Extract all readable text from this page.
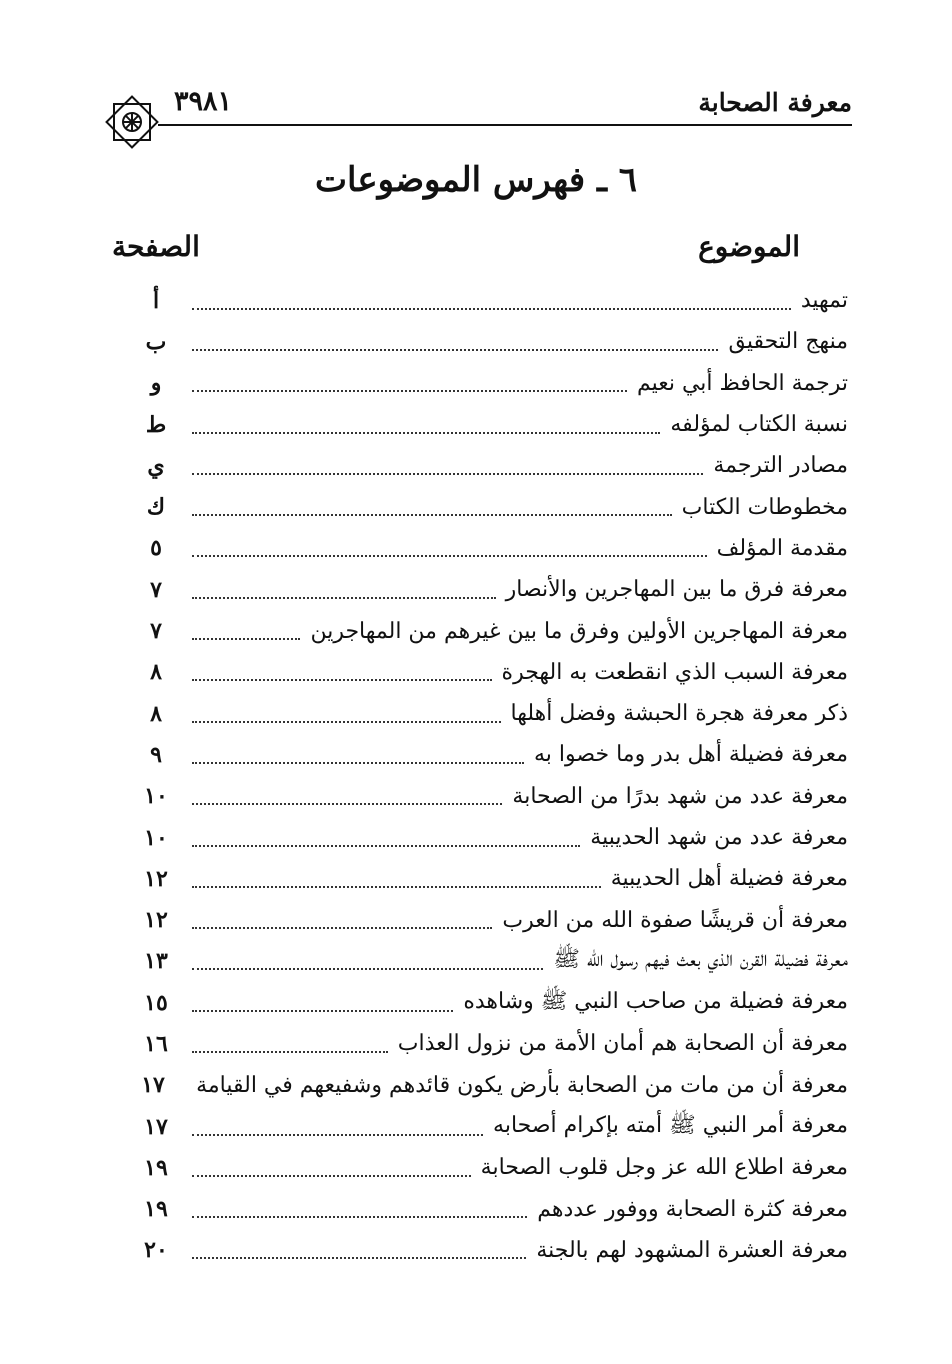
٣٩٨١	معرفة الصحابة
٦ ـ فهرس الموضوعات
الموضوع
الصفحة
تمهيد
أ
منهج التحقيق
ب
ترجمة الحافظ أبي نعيم
و
نسبة الكتاب لمؤلفه
ط
مصادر الترجمة
ي
مخطوطات الكتاب
ك
مقدمة المؤلف
٥
معرفة فرق ما بين المهاجرين والأنصار
٧
معرفة المهاجرين الأولين وفرق ما بين غيرهم من المهاجرين
٧
معرفة السبب الذي انقطعت به الهجرة
٨
ذكر معرفة هجرة الحبشة وفضل أهلها
٨
معرفة فضيلة أهل بدر وما خصوا به
٩
معرفة عدد من شهد بدرًا من الصحابة
١٠
معرفة عدد من شهد الحديبية
١٠
معرفة فضيلة أهل الحديبية
١٢
معرفة أن قريشًا صفوة الله من العرب
١٢
معرفة فضيلة القرن الذي بعث فيهم رسول الله ﷺ
١٣
معرفة فضيلة من صاحب النبي ﷺ وشاهده
١٥
معرفة أن الصحابة هم أمان الأمة من نزول العذاب
١٦
معرفة أن من مات من الصحابة بأرض يكون قائدهم وشفيعهم في القيامة
١٧
معرفة أمر النبي ﷺ أمته بإكرام أصحابه
١٧
معرفة اطلاع الله عز وجل قلوب الصحابة
١٩
معرفة كثرة الصحابة ووفور عددهم
١٩
معرفة العشرة المشهود لهم بالجنة
٢٠
